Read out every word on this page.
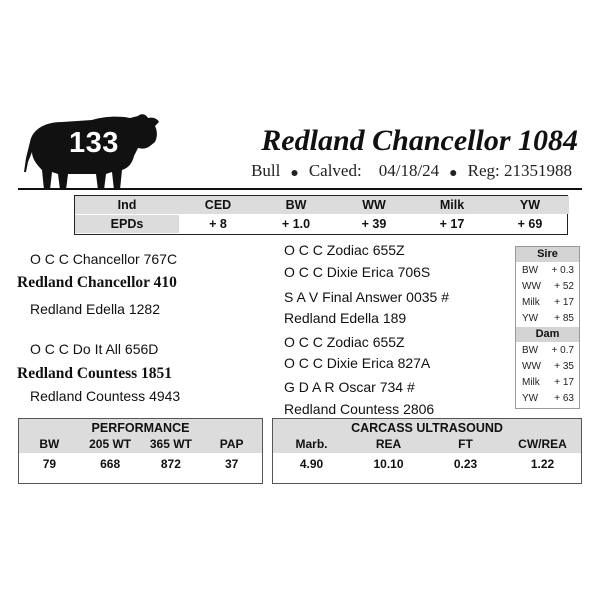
133	Redland Chancellor 1084
Bull ● Calved: 04/18/24 ● Reg: 21351988
Ind	CED	BW	WW	Milk	YW
EPDs	+ 8	+ 1.0	+ 39	+ 17	+ 69
O C C Chancellor 767C
Redland Chancellor 410
Redland Edella 1282
O C C Do It All 656D
Redland Countess 1851
Redland Countess 4943
O C C Zodiac 655Z
O C C Dixie Erica 706S
S A V Final Answer 0035 #
Redland Edella 189
O C C Zodiac 655Z
O C C Dixie Erica 827A
G D A R Oscar 734 #
Redland Countess 2806
Sire
BW + 0.3
WW + 52
Milk + 17
YW + 85
Dam
BW + 0.7
WW + 35
Milk + 17
YW + 63
PERFORMANCE
BW	205 WT	365 WT	PAP
79	668	872	37
CARCASS ULTRASOUND
Marb.	REA	FT	CW/REA
4.90	10.10	0.23	1.22
